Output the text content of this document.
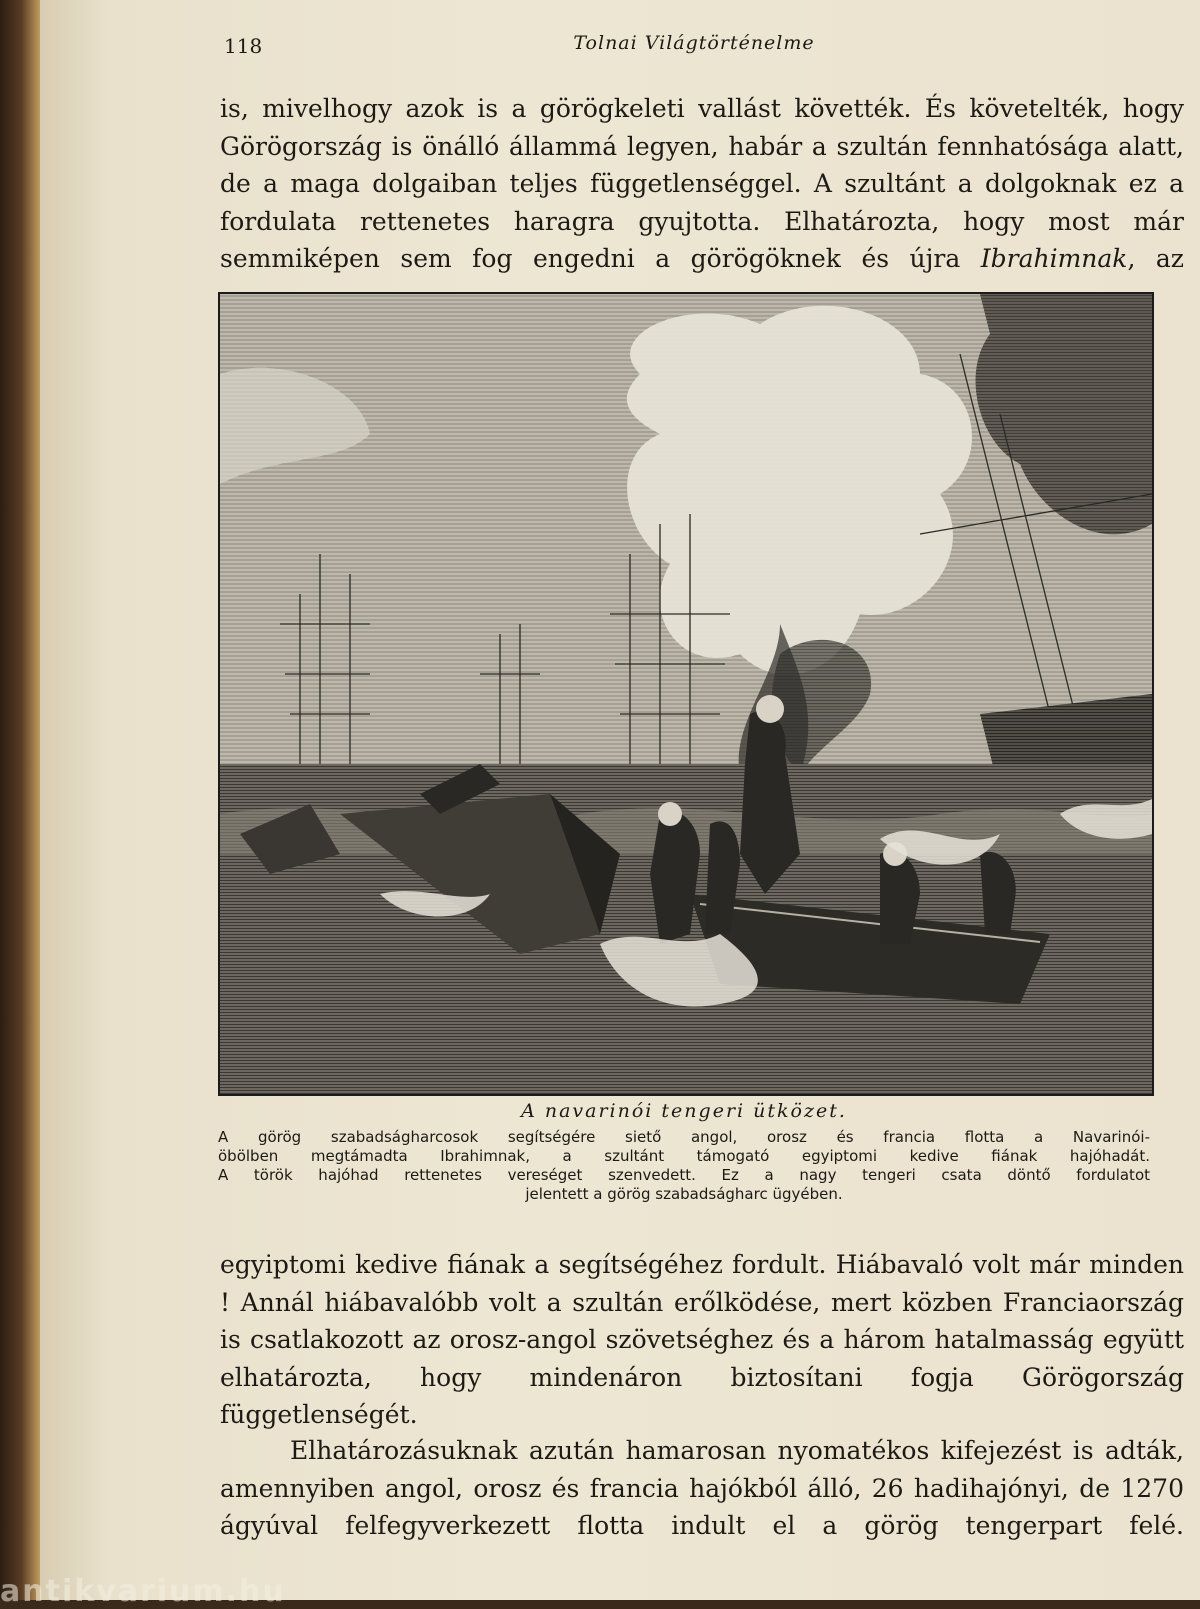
118	Tolnai Világtörténelme

is, mivelhogy azok is a görögkeleti vallást követték. És követelték, hogy Görögország is önálló állammá legyen, habár a szultán fennhatósága alatt, de a maga dolgaiban teljes függetlenséggel. A szultánt a dolgoknak ez a fordulata rettenetes haragra gyujtotta. Elhatározta, hogy most már semmiképen sem fog engedni a görögöknek és újra Ibrahimnak, az

A navarinói tengeri ütközet.
A görög szabadságharcosok segítségére siető angol, orosz és francia flotta a Navarinói-
öbölben megtámadta Ibrahimnak, a szultánt támogató egyiptomi kedive fiának hajóhadát.
A török hajóhad rettenetes vereséget szenvedett. Ez a nagy tengeri csata döntő fordulatot
jelentett a görög szabadságharc ügyében.

egyiptomi kedive fiának a segítségéhez fordult. Hiábavaló volt már minden ! Annál hiábavalóbb volt a szultán erőlködése, mert közben Franciaország is csatlakozott az orosz-angol szövetséghez és a három hatalmasság együtt elhatározta, hogy mindenáron biztosítani fogja Görögország függetlenségét.

Elhatározásuknak azután hamarosan nyomatékos kifejezést is adták, amennyiben angol, orosz és francia hajókból álló, 26 hadihajónyi, de 1270 ágyúval felfegyverkezett flotta indult el a görög tengerpart felé.

antikvarium.hu
